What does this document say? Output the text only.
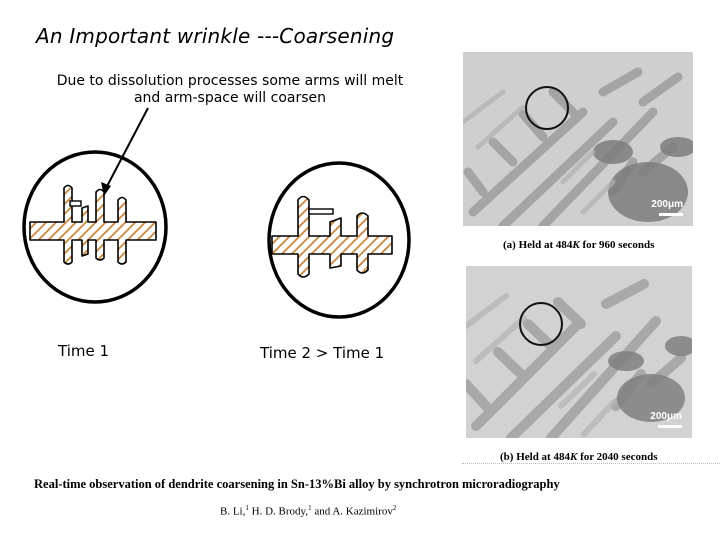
An Important wrinkle ---Coarsening
Due to dissolution processes some arms will melt
and arm-space will coarsen
Time 1	Time 2 > Time 1
200μm
(a) Held at 484K for 960 seconds
200μm
(b) Held at 484K for 2040 seconds
Real-time observation of dendrite coarsening in Sn-13%Bi alloy by synchrotron microradiography
B. Li,$^1$ H. D. Brody,$^1$ and A. Kazimirov$^2$
